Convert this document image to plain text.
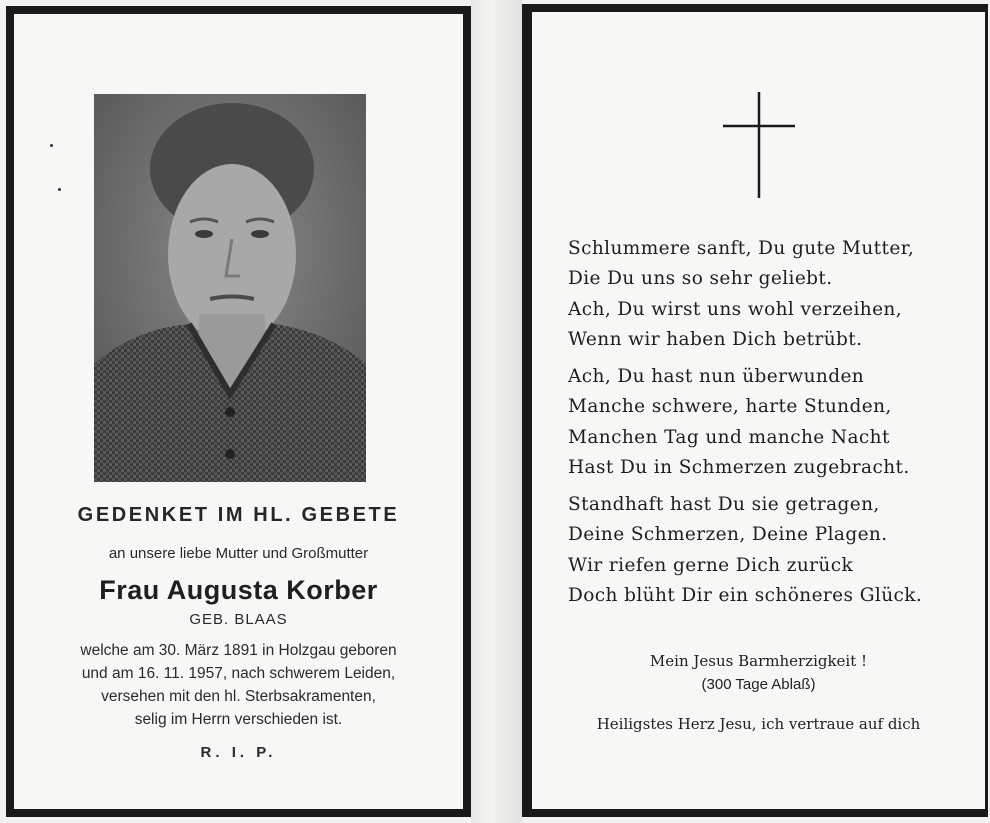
GEDENKET IM HL. GEBETE
an unsere liebe Mutter und Großmutter
Frau Augusta Korber
GEB. BLAAS
welche am 30. März 1891 in Holzgau geboren
und am 16. 11. 1957, nach schwerem Leiden,
versehen mit den hl. Sterbsakramenten,
selig im Herrn verschieden ist.
R. I. P.
Schlummere sanft, Du gute Mutter,
Die Du uns so sehr geliebt.
Ach, Du wirst uns wohl verzeihen,
Wenn wir haben Dich betrübt.
Ach, Du hast nun überwunden
Manche schwere, harte Stunden,
Manchen Tag und manche Nacht
Hast Du in Schmerzen zugebracht.
Standhaft hast Du sie getragen,
Deine Schmerzen, Deine Plagen.
Wir riefen gerne Dich zurück
Doch blüht Dir ein schöneres Glück.
Mein Jesus Barmherzigkeit !
(300 Tage Ablaß)
Heiligstes Herz Jesu, ich vertraue auf dich
